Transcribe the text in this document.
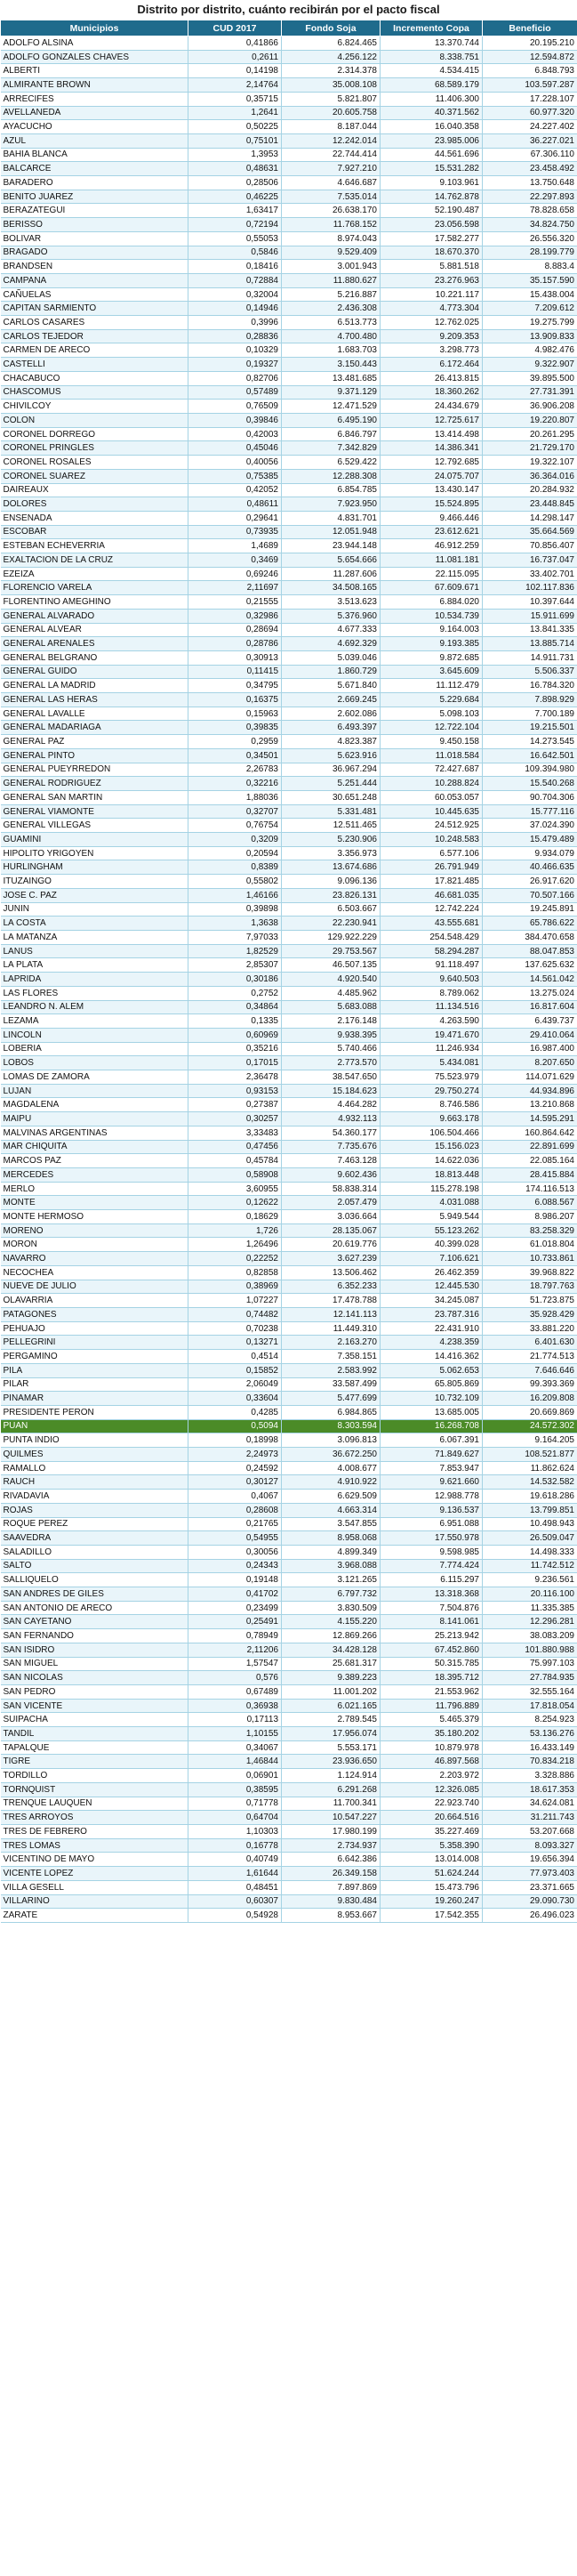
Distrito por distrito, cuánto recibirán por el pacto fiscal
Municipios	CUD 2017	Fondo Soja	Incremento Copa	Beneficio
ADOLFO ALSINA	0,41866	6.824.465	13.370.744	20.195.210
ADOLFO GONZALES CHAVES	0,2611	4.256.122	8.338.751	12.594.872
ALBERTI	0,14198	2.314.378	4.534.415	6.848.793
ALMIRANTE BROWN	2,14764	35.008.108	68.589.179	103.597.287
ARRECIFES	0,35715	5.821.807	11.406.300	17.228.107
AVELLANEDA	1,2641	20.605.758	40.371.562	60.977.320
AYACUCHO	0,50225	8.187.044	16.040.358	24.227.402
AZUL	0,75101	12.242.014	23.985.006	36.227.021
BAHIA BLANCA	1,3953	22.744.414	44.561.696	67.306.110
BALCARCE	0,48631	7.927.210	15.531.282	23.458.492
BARADERO	0,28506	4.646.687	9.103.961	13.750.648
BENITO JUAREZ	0,46225	7.535.014	14.762.878	22.297.893
BERAZATEGUI	1,63417	26.638.170	52.190.487	78.828.658
BERISSO	0,72194	11.768.152	23.056.598	34.824.750
BOLIVAR	0,55053	8.974.043	17.582.277	26.556.320
BRAGADO	0,5846	9.529.409	18.670.370	28.199.779
BRANDSEN	0,18416	3.001.943	5.881.518	8.883.4
CAMPANA	0,72884	11.880.627	23.276.963	35.157.590
CAÑUELAS	0,32004	5.216.887	10.221.117	15.438.004
CAPITAN SARMIENTO	0,14946	2.436.308	4.773.304	7.209.612
CARLOS CASARES	0,3996	6.513.773	12.762.025	19.275.799
CARLOS TEJEDOR	0,28836	4.700.480	9.209.353	13.909.833
CARMEN DE ARECO	0,10329	1.683.703	3.298.773	4.982.476
CASTELLI	0,19327	3.150.443	6.172.464	9.322.907
CHACABUCO	0,82706	13.481.685	26.413.815	39.895.500
CHASCOMUS	0,57489	9.371.129	18.360.262	27.731.391
CHIVILCOY	0,76509	12.471.529	24.434.679	36.906.208
COLON	0,39846	6.495.190	12.725.617	19.220.807
CORONEL DORREGO	0,42003	6.846.797	13.414.498	20.261.295
CORONEL PRINGLES	0,45046	7.342.829	14.386.341	21.729.170
CORONEL ROSALES	0,40056	6.529.422	12.792.685	19.322.107
CORONEL SUAREZ	0,75385	12.288.308	24.075.707	36.364.016
DAIREAUX	0,42052	6.854.785	13.430.147	20.284.932
DOLORES	0,48611	7.923.950	15.524.895	23.448.845
ENSENADA	0,29641	4.831.701	9.466.446	14.298.147
ESCOBAR	0,73935	12.051.948	23.612.621	35.664.569
ESTEBAN ECHEVERRIA	1,4689	23.944.148	46.912.259	70.856.407
EXALTACION DE LA CRUZ	0,3469	5.654.666	11.081.181	16.737.047
EZEIZA	0,69246	11.287.606	22.115.095	33.402.701
FLORENCIO VARELA	2,11697	34.508.165	67.609.671	102.117.836
FLORENTINO AMEGHINO	0,21555	3.513.623	6.884.020	10.397.644
GENERAL ALVARADO	0,32986	5.376.960	10.534.739	15.911.699
GENERAL ALVEAR	0,28694	4.677.333	9.164.003	13.841.335
GENERAL ARENALES	0,28786	4.692.329	9.193.385	13.885.714
GENERAL BELGRANO	0,30913	5.039.046	9.872.685	14.911.731
GENERAL GUIDO	0,11415	1.860.729	3.645.609	5.506.337
GENERAL LA MADRID	0,34795	5.671.840	11.112.479	16.784.320
GENERAL LAS HERAS	0,16375	2.669.245	5.229.684	7.898.929
GENERAL LAVALLE	0,15963	2.602.086	5.098.103	7.700.189
GENERAL MADARIAGA	0,39835	6.493.397	12.722.104	19.215.501
GENERAL PAZ	0,2959	4.823.387	9.450.158	14.273.545
GENERAL PINTO	0,34501	5.623.916	11.018.584	16.642.501
GENERAL PUEYRREDON	2,26783	36.967.294	72.427.687	109.394.980
GENERAL RODRIGUEZ	0,32216	5.251.444	10.288.824	15.540.268
GENERAL SAN MARTIN	1,88036	30.651.248	60.053.057	90.704.306
GENERAL VIAMONTE	0,32707	5.331.481	10.445.635	15.777.116
GENERAL VILLEGAS	0,76754	12.511.465	24.512.925	37.024.390
GUAMINI	0,3209	5.230.906	10.248.583	15.479.489
HIPOLITO YRIGOYEN	0,20594	3.356.973	6.577.106	9.934.079
HURLINGHAM	0,8389	13.674.686	26.791.949	40.466.635
ITUZAINGO	0,55802	9.096.136	17.821.485	26.917.620
JOSE C. PAZ	1,46166	23.826.131	46.681.035	70.507.166
JUNIN	0,39898	6.503.667	12.742.224	19.245.891
LA COSTA	1,3638	22.230.941	43.555.681	65.786.622
LA MATANZA	7,97033	129.922.229	254.548.429	384.470.658
LANUS	1,82529	29.753.567	58.294.287	88.047.853
LA PLATA	2,85307	46.507.135	91.118.497	137.625.632
LAPRIDA	0,30186	4.920.540	9.640.503	14.561.042
LAS FLORES	0,2752	4.485.962	8.789.062	13.275.024
LEANDRO N. ALEM	0,34864	5.683.088	11.134.516	16.817.604
LEZAMA	0,1335	2.176.148	4.263.590	6.439.737
LINCOLN	0,60969	9.938.395	19.471.670	29.410.064
LOBERIA	0,35216	5.740.466	11.246.934	16.987.400
LOBOS	0,17015	2.773.570	5.434.081	8.207.650
LOMAS DE ZAMORA	2,36478	38.547.650	75.523.979	114.071.629
LUJAN	0,93153	15.184.623	29.750.274	44.934.896
MAGDALENA	0,27387	4.464.282	8.746.586	13.210.868
MAIPU	0,30257	4.932.113	9.663.178	14.595.291
MALVINAS ARGENTINAS	3,33483	54.360.177	106.504.466	160.864.642
MAR CHIQUITA	0,47456	7.735.676	15.156.023	22.891.699
MARCOS PAZ	0,45784	7.463.128	14.622.036	22.085.164
MERCEDES	0,58908	9.602.436	18.813.448	28.415.884
MERLO	3,60955	58.838.314	115.278.198	174.116.513
MONTE	0,12622	2.057.479	4.031.088	6.088.567
MONTE HERMOSO	0,18629	3.036.664	5.949.544	8.986.207
MORENO	1,726	28.135.067	55.123.262	83.258.329
MORON	1,26496	20.619.776	40.399.028	61.018.804
NAVARRO	0,22252	3.627.239	7.106.621	10.733.861
NECOCHEA	0,82858	13.506.462	26.462.359	39.968.822
NUEVE DE JULIO	0,38969	6.352.233	12.445.530	18.797.763
OLAVARRIA	1,07227	17.478.788	34.245.087	51.723.875
PATAGONES	0,74482	12.141.113	23.787.316	35.928.429
PEHUAJO	0,70238	11.449.310	22.431.910	33.881.220
PELLEGRINI	0,13271	2.163.270	4.238.359	6.401.630
PERGAMINO	0,4514	7.358.151	14.416.362	21.774.513
PILA	0,15852	2.583.992	5.062.653	7.646.646
PILAR	2,06049	33.587.499	65.805.869	99.393.369
PINAMAR	0,33604	5.477.699	10.732.109	16.209.808
PRESIDENTE PERON	0,4285	6.984.865	13.685.005	20.669.869
PUAN	0,5094	8.303.594	16.268.708	24.572.302
PUNTA INDIO	0,18998	3.096.813	6.067.391	9.164.205
QUILMES	2,24973	36.672.250	71.849.627	108.521.877
RAMALLO	0,24592	4.008.677	7.853.947	11.862.624
RAUCH	0,30127	4.910.922	9.621.660	14.532.582
RIVADAVIA	0,4067	6.629.509	12.988.778	19.618.286
ROJAS	0,28608	4.663.314	9.136.537	13.799.851
ROQUE PEREZ	0,21765	3.547.855	6.951.088	10.498.943
SAAVEDRA	0,54955	8.958.068	17.550.978	26.509.047
SALADILLO	0,30056	4.899.349	9.598.985	14.498.333
SALTO	0,24343	3.968.088	7.774.424	11.742.512
SALLIQUELO	0,19148	3.121.265	6.115.297	9.236.561
SAN ANDRES DE GILES	0,41702	6.797.732	13.318.368	20.116.100
SAN ANTONIO DE ARECO	0,23499	3.830.509	7.504.876	11.335.385
SAN CAYETANO	0,25491	4.155.220	8.141.061	12.296.281
SAN FERNANDO	0,78949	12.869.266	25.213.942	38.083.209
SAN ISIDRO	2,11206	34.428.128	67.452.860	101.880.988
SAN MIGUEL	1,57547	25.681.317	50.315.785	75.997.103
SAN NICOLAS	0,576	9.389.223	18.395.712	27.784.935
SAN PEDRO	0,67489	11.001.202	21.553.962	32.555.164
SAN VICENTE	0,36938	6.021.165	11.796.889	17.818.054
SUIPACHA	0,17113	2.789.545	5.465.379	8.254.923
TANDIL	1,10155	17.956.074	35.180.202	53.136.276
TAPALQUE	0,34067	5.553.171	10.879.978	16.433.149
TIGRE	1,46844	23.936.650	46.897.568	70.834.218
TORDILLO	0,06901	1.124.914	2.203.972	3.328.886
TORNQUIST	0,38595	6.291.268	12.326.085	18.617.353
TRENQUE LAUQUEN	0,71778	11.700.341	22.923.740	34.624.081
TRES ARROYOS	0,64704	10.547.227	20.664.516	31.211.743
TRES DE FEBRERO	1,10303	17.980.199	35.227.469	53.207.668
TRES LOMAS	0,16778	2.734.937	5.358.390	8.093.327
VICENTINO DE MAYO	0,40749	6.642.386	13.014.008	19.656.394
VICENTE LOPEZ	1,61644	26.349.158	51.624.244	77.973.403
VILLA GESELL	0,48451	7.897.869	15.473.796	23.371.665
VILLARINO	0,60307	9.830.484	19.260.247	29.090.730
ZARATE	0,54928	8.953.667	17.542.355	26.496.023
